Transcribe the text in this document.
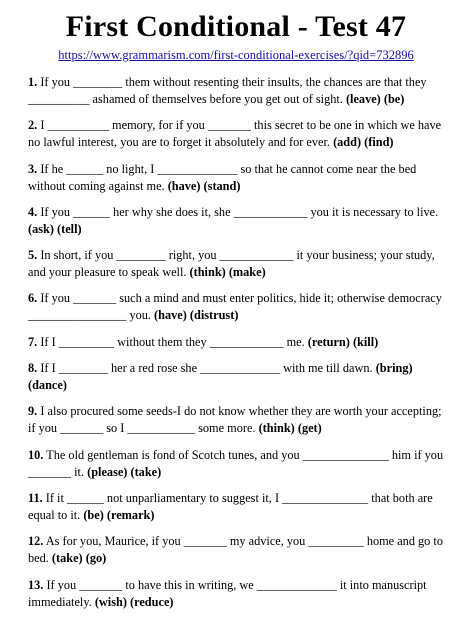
First Conditional - Test 47
https://www.grammarism.com/first-conditional-exercises/?qid=732896
1. If you ________ them without resenting their insults, the chances are that they __________ ashamed of themselves before you get out of sight. (leave) (be)
2. I __________ memory, for if you _______ this secret to be one in which we have no lawful interest, you are to forget it absolutely and for ever. (add) (find)
3. If he ______ no light, I _____________ so that he cannot come near the bed without coming against me. (have) (stand)
4. If you ______ her why she does it, she ____________ you it is necessary to live. (ask) (tell)
5. In short, if you ________ right, you ____________ it your business; your study, and your pleasure to speak well. (think) (make)
6. If you _______ such a mind and must enter politics, hide it; otherwise democracy ________________ you. (have) (distrust)
7. If I _________ without them they ____________ me. (return) (kill)
8. If I ________ her a red rose she _____________ with me till dawn. (bring) (dance)
9. I also procured some seeds-I do not know whether they are worth your accepting; if you _______ so I ___________ some more. (think) (get)
10. The old gentleman is fond of Scotch tunes, and you ______________ him if you _______ it. (please) (take)
11. If it ______ not unparliamentary to suggest it, I ______________ that both are equal to it. (be) (remark)
12. As for you, Maurice, if you _______ my advice, you _________ home and go to bed. (take) (go)
13. If you _______ to have this in writing, we _____________ it into manuscript immediately. (wish) (reduce)
